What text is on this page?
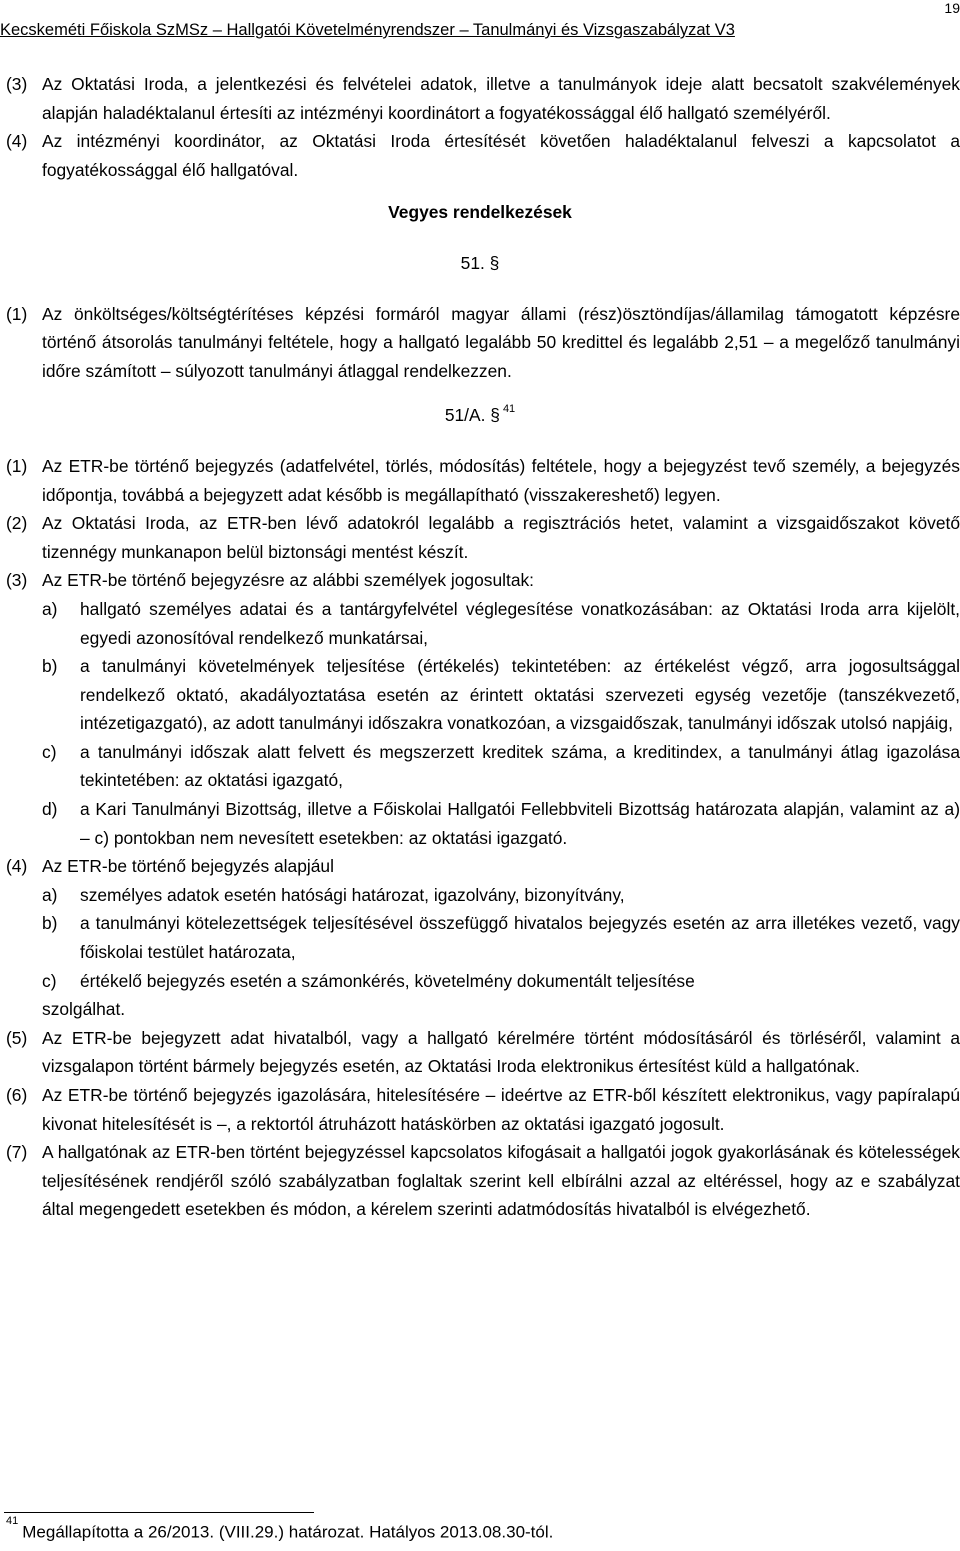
19
Kecskeméti Főiskola SzMSz – Hallgatói Követelményrendszer – Tanulmányi és Vizsgaszabályzat V3

(3) Az Oktatási Iroda, a jelentkezési és felvételei adatok, illetve a tanulmányok ideje alatt becsatolt szakvélemények alapján haladéktalanul értesíti az intézményi koordinátort a fogyatékossággal élő hallgató személyéről.

(4) Az intézményi koordinátor, az Oktatási Iroda értesítését követően haladéktalanul felveszi a kapcsolatot a fogyatékossággal élő hallgatóval.

Vegyes rendelkezések

51. §

(1) Az önköltséges/költségtérítéses képzési formáról magyar állami (rész)ösztöndíjas/államilag támogatott képzésre történő átsorolás tanulmányi feltétele, hogy a hallgató legalább 50 kredittel és legalább 2,51 – a megelőző tanulmányi időre számított – súlyozott tanulmányi átlaggal rendelkezzen.

51/A. § $^{41}$

(1) Az ETR-be történő bejegyzés (adatfelvétel, törlés, módosítás) feltétele, hogy a bejegyzést tevő személy, a bejegyzés időpontja, továbbá a bejegyzett adat később is megállapítható (visszakereshető) legyen.

(2) Az Oktatási Iroda, az ETR-ben lévő adatokról legalább a regisztrációs hetet, valamint a vizsgaidőszakot követő tizennégy munkanapon belül biztonsági mentést készít.

(3) Az ETR-be történő bejegyzésre az alábbi személyek jogosultak:

a) hallgató személyes adatai és a tantárgyfelvétel véglegesítése vonatkozásában: az Oktatási Iroda arra kijelölt, egyedi azonosítóval rendelkező munkatársai,

b) a tanulmányi követelmények teljesítése (értékelés) tekintetében: az értékelést végző, arra jogosultsággal rendelkező oktató, akadályoztatása esetén az érintett oktatási szervezeti egység vezetője (tanszékvezető, intézetigazgató), az adott tanulmányi időszakra vonatkozóan, a vizsgaidőszak, tanulmányi időszak utolsó napjáig,

c) a tanulmányi időszak alatt felvett és megszerzett kreditek száma, a kreditindex, a tanulmányi átlag igazolása tekintetében: az oktatási igazgató,

d) a Kari Tanulmányi Bizottság, illetve a Főiskolai Hallgatói Fellebbviteli Bizottság határozata alapján, valamint az a) – c) pontokban nem nevesített esetekben: az oktatási igazgató.

(4) Az ETR-be történő bejegyzés alapjául

a) személyes adatok esetén hatósági határozat, igazolvány, bizonyítvány,

b) a tanulmányi kötelezettségek teljesítésével összefüggő hivatalos bejegyzés esetén az arra illetékes vezető, vagy főiskolai testület határozata,

c) értékelő bejegyzés esetén a számonkérés, követelmény dokumentált teljesítése

szolgálhat.

(5) Az ETR-be bejegyzett adat hivatalból, vagy a hallgató kérelmére történt módosításáról és törléséről, valamint a vizsgalapon történt bármely bejegyzés esetén, az Oktatási Iroda elektronikus értesítést küld a hallgatónak.

(6) Az ETR-be történő bejegyzés igazolására, hitelesítésére – ideértve az ETR-ből készített elektronikus, vagy papíralapú kivonat hitelesítését is –, a rektortól átruházott hatáskörben az oktatási igazgató jogosult.

(7) A hallgatónak az ETR-ben történt bejegyzéssel kapcsolatos kifogásait a hallgatói jogok gyakorlásának és kötelességek teljesítésének rendjéről szóló szabályzatban foglaltak szerint kell elbírálni azzal az eltéréssel, hogy az e szabályzat által megengedett esetekben és módon, a kérelem szerinti adatmódosítás hivatalból is elvégezhető.

$^{41}$Megállapította a 26/2013. (VIII.29.) határozat. Hatályos 2013.08.30-tól.
